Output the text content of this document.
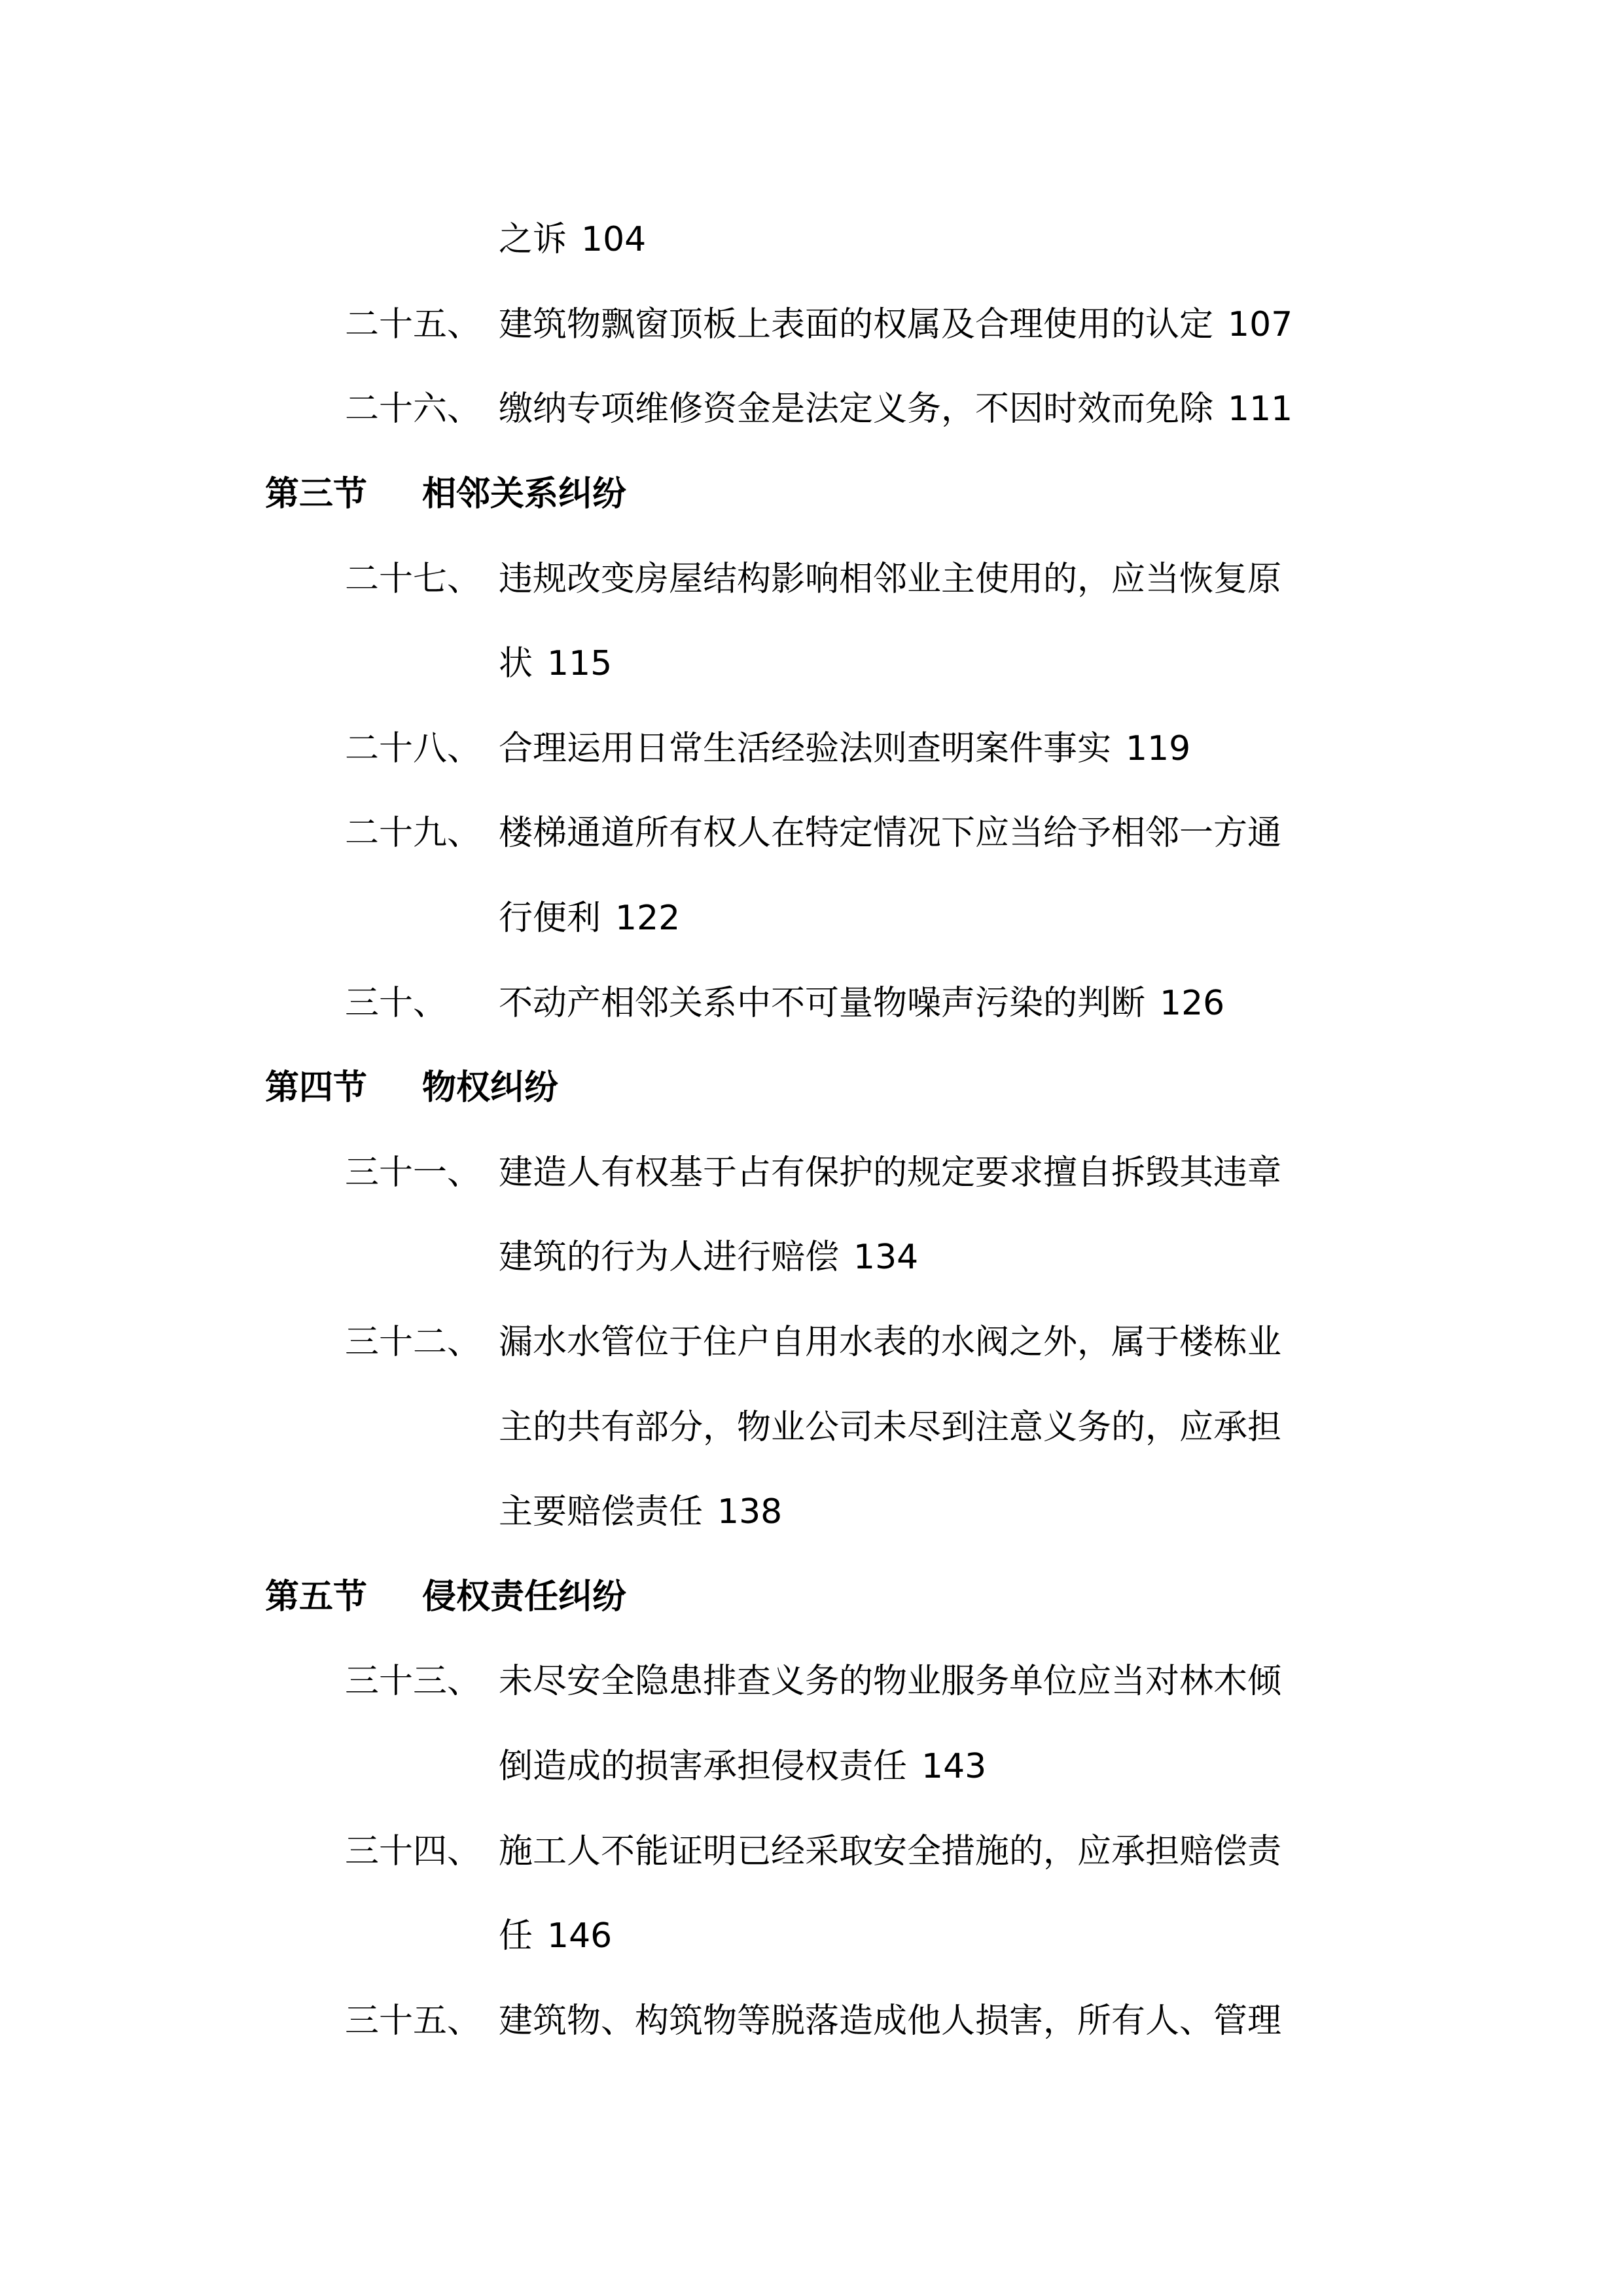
之诉 104
二十五、 建筑物飘窗顶板上表面的权属及合理使用的认定 107
二十六、 缴纳专项维修资金是法定义务，不因时效而免除 111
第三节 相邻关系纠纷
二十七、 违规改变房屋结构影响相邻业主使用的，应当恢复原
状 115
二十八、 合理运用日常生活经验法则查明案件事实 119
二十九、 楼梯通道所有权人在特定情况下应当给予相邻一方通
行便利 122
三十、 不动产相邻关系中不可量物噪声污染的判断 126
第四节 物权纠纷
三十一、 建造人有权基于占有保护的规定要求擅自拆毁其违章
建筑的行为人进行赔偿 134
三十二、 漏水水管位于住户自用水表的水阀之外，属于楼栋业
主的共有部分，物业公司未尽到注意义务的，应承担
主要赔偿责任 138
第五节 侵权责任纠纷
三十三、 未尽安全隐患排查义务的物业服务单位应当对林木倾
倒造成的损害承担侵权责任 143
三十四、 施工人不能证明已经采取安全措施的，应承担赔偿责
任 146
三十五、 建筑物、构筑物等脱落造成他人损害，所有人、管理
